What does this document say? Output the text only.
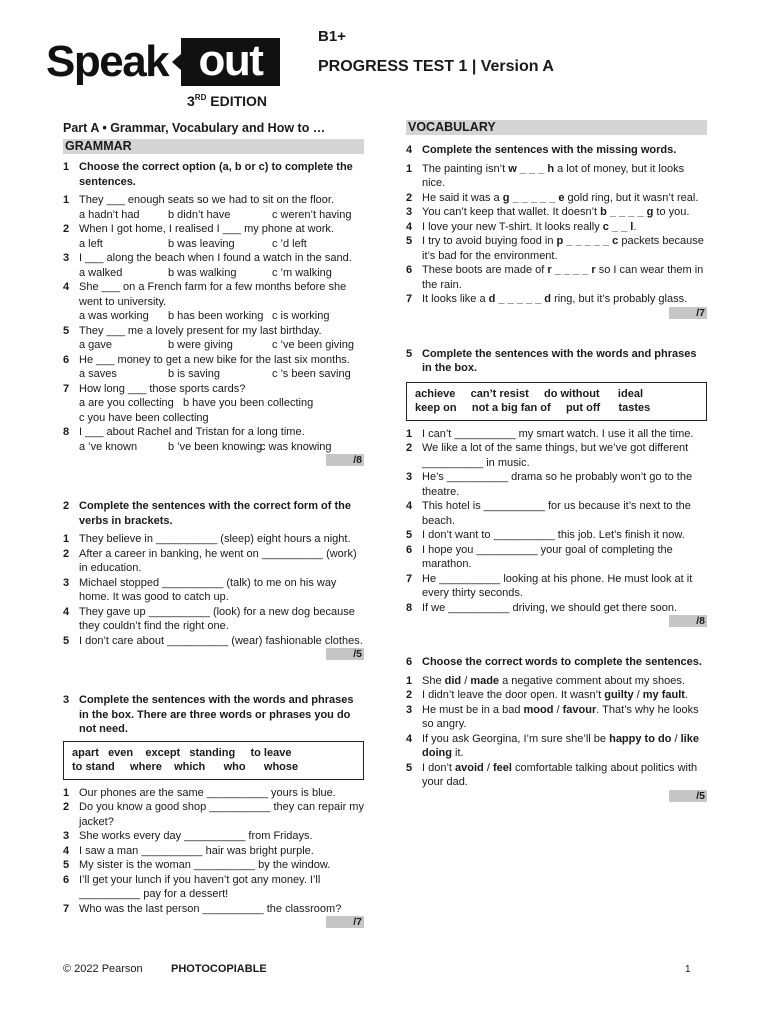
Speak out
3RD EDITION
B1+
PROGRESS TEST 1 | Version A
Part A • Grammar, Vocabulary and How to …
GRAMMAR
1 Choose the correct option (a, b or c) to complete the sentences.
1 They ___ enough seats so we had to sit on the floor.
a hadn’t had	b didn’t have	c weren’t having
2 When I got home, I realised I ___ my phone at work.
a left	b was leaving	c ’d left
3 I ___ along the beach when I found a watch in the sand.
a walked	b was walking	c ’m walking
4 She ___ on a French farm for a few months before she went to university.
a was working	b has been working c is working
5 They ___ me a lovely present for my last birthday.
a gave	b were giving	c ’ve been giving
6 He ___ money to get a new bike for the last six months.
a saves	b is saving	c ’s been saving
7 How long ___ those sports cards?
a are you collecting b have you been collecting
c you have been collecting
8 I ___ about Rachel and Tristan for a long time.
a ’ve known	b ’ve been knowing
c was knowing
/8
2 Complete the sentences with the correct form of the verbs in brackets.
1 They believe in __________ (sleep) eight hours a night.
2 After a career in banking, he went on __________ (work) in education.
3 Michael stopped __________ (talk) to me on his way home. It was good to catch up.
4 They gave up __________ (look) for a new dog because they couldn’t find the right one.
5 I don’t care about __________ (wear) fashionable clothes.
/5
3 Complete the sentences with the words and phrases in the box. There are three words or phrases you do not need.
apart   even    except   standing     to leave
to stand     where    which      who      whose
1 Our phones are the same __________ yours is blue.
2 Do you know a good shop __________ they can repair my jacket?
3 She works every day __________ from Fridays.
4 I saw a man __________ hair was bright purple.
5 My sister is the woman __________ by the window.
6 I’ll get your lunch if you haven’t got any money. I’ll __________ pay for a dessert!
7 Who was the last person __________ the classroom?
/7
VOCABULARY
4 Complete the sentences with the missing words.
1 The painting isn’t w _ _ _ h a lot of money, but it looks nice.
2 He said it was a g _ _ _ _ _ e gold ring, but it wasn’t real.
3 You can’t keep that wallet. It doesn’t b _ _ _ _ g to you.
4 I love your new T-shirt. It looks really c _ _ l.
5 I try to avoid buying food in p _ _ _ _ _ c packets because it’s bad for the environment.
6 These boots are made of r _ _ _ _ r so I can wear them in the rain.
7 It looks like a d _ _ _ _ _ d ring, but it’s probably glass.
/7
5 Complete the sentences with the words and phrases in the box.
achieve     can’t resist     do without      ideal
keep on     not a big fan of     put off      tastes
1 I can’t __________ my smart watch. I use it all the time.
2 We like a lot of the same things, but we’ve got different __________ in music.
3 He’s __________ drama so he probably won’t go to the theatre.
4 This hotel is __________ for us because it’s next to the beach.
5 I don’t want to __________ this job. Let’s finish it now.
6 I hope you __________ your goal of completing the marathon.
7 He __________ looking at his phone. He must look at it every thirty seconds.
8 If we __________ driving, we should get there soon.
/8
6 Choose the correct words to complete the sentences.
1 She did / made a negative comment about my shoes.
2 I didn’t leave the door open. It wasn’t guilty / my fault.
3 He must be in a bad mood / favour. That’s why he looks so angry.
4 If you ask Georgina, I’m sure she’ll be happy to do / like doing it.
5 I don’t avoid / feel comfortable talking about politics with your dad.
/5
© 2022 Pearson	PHOTOCOPIABLE	1
